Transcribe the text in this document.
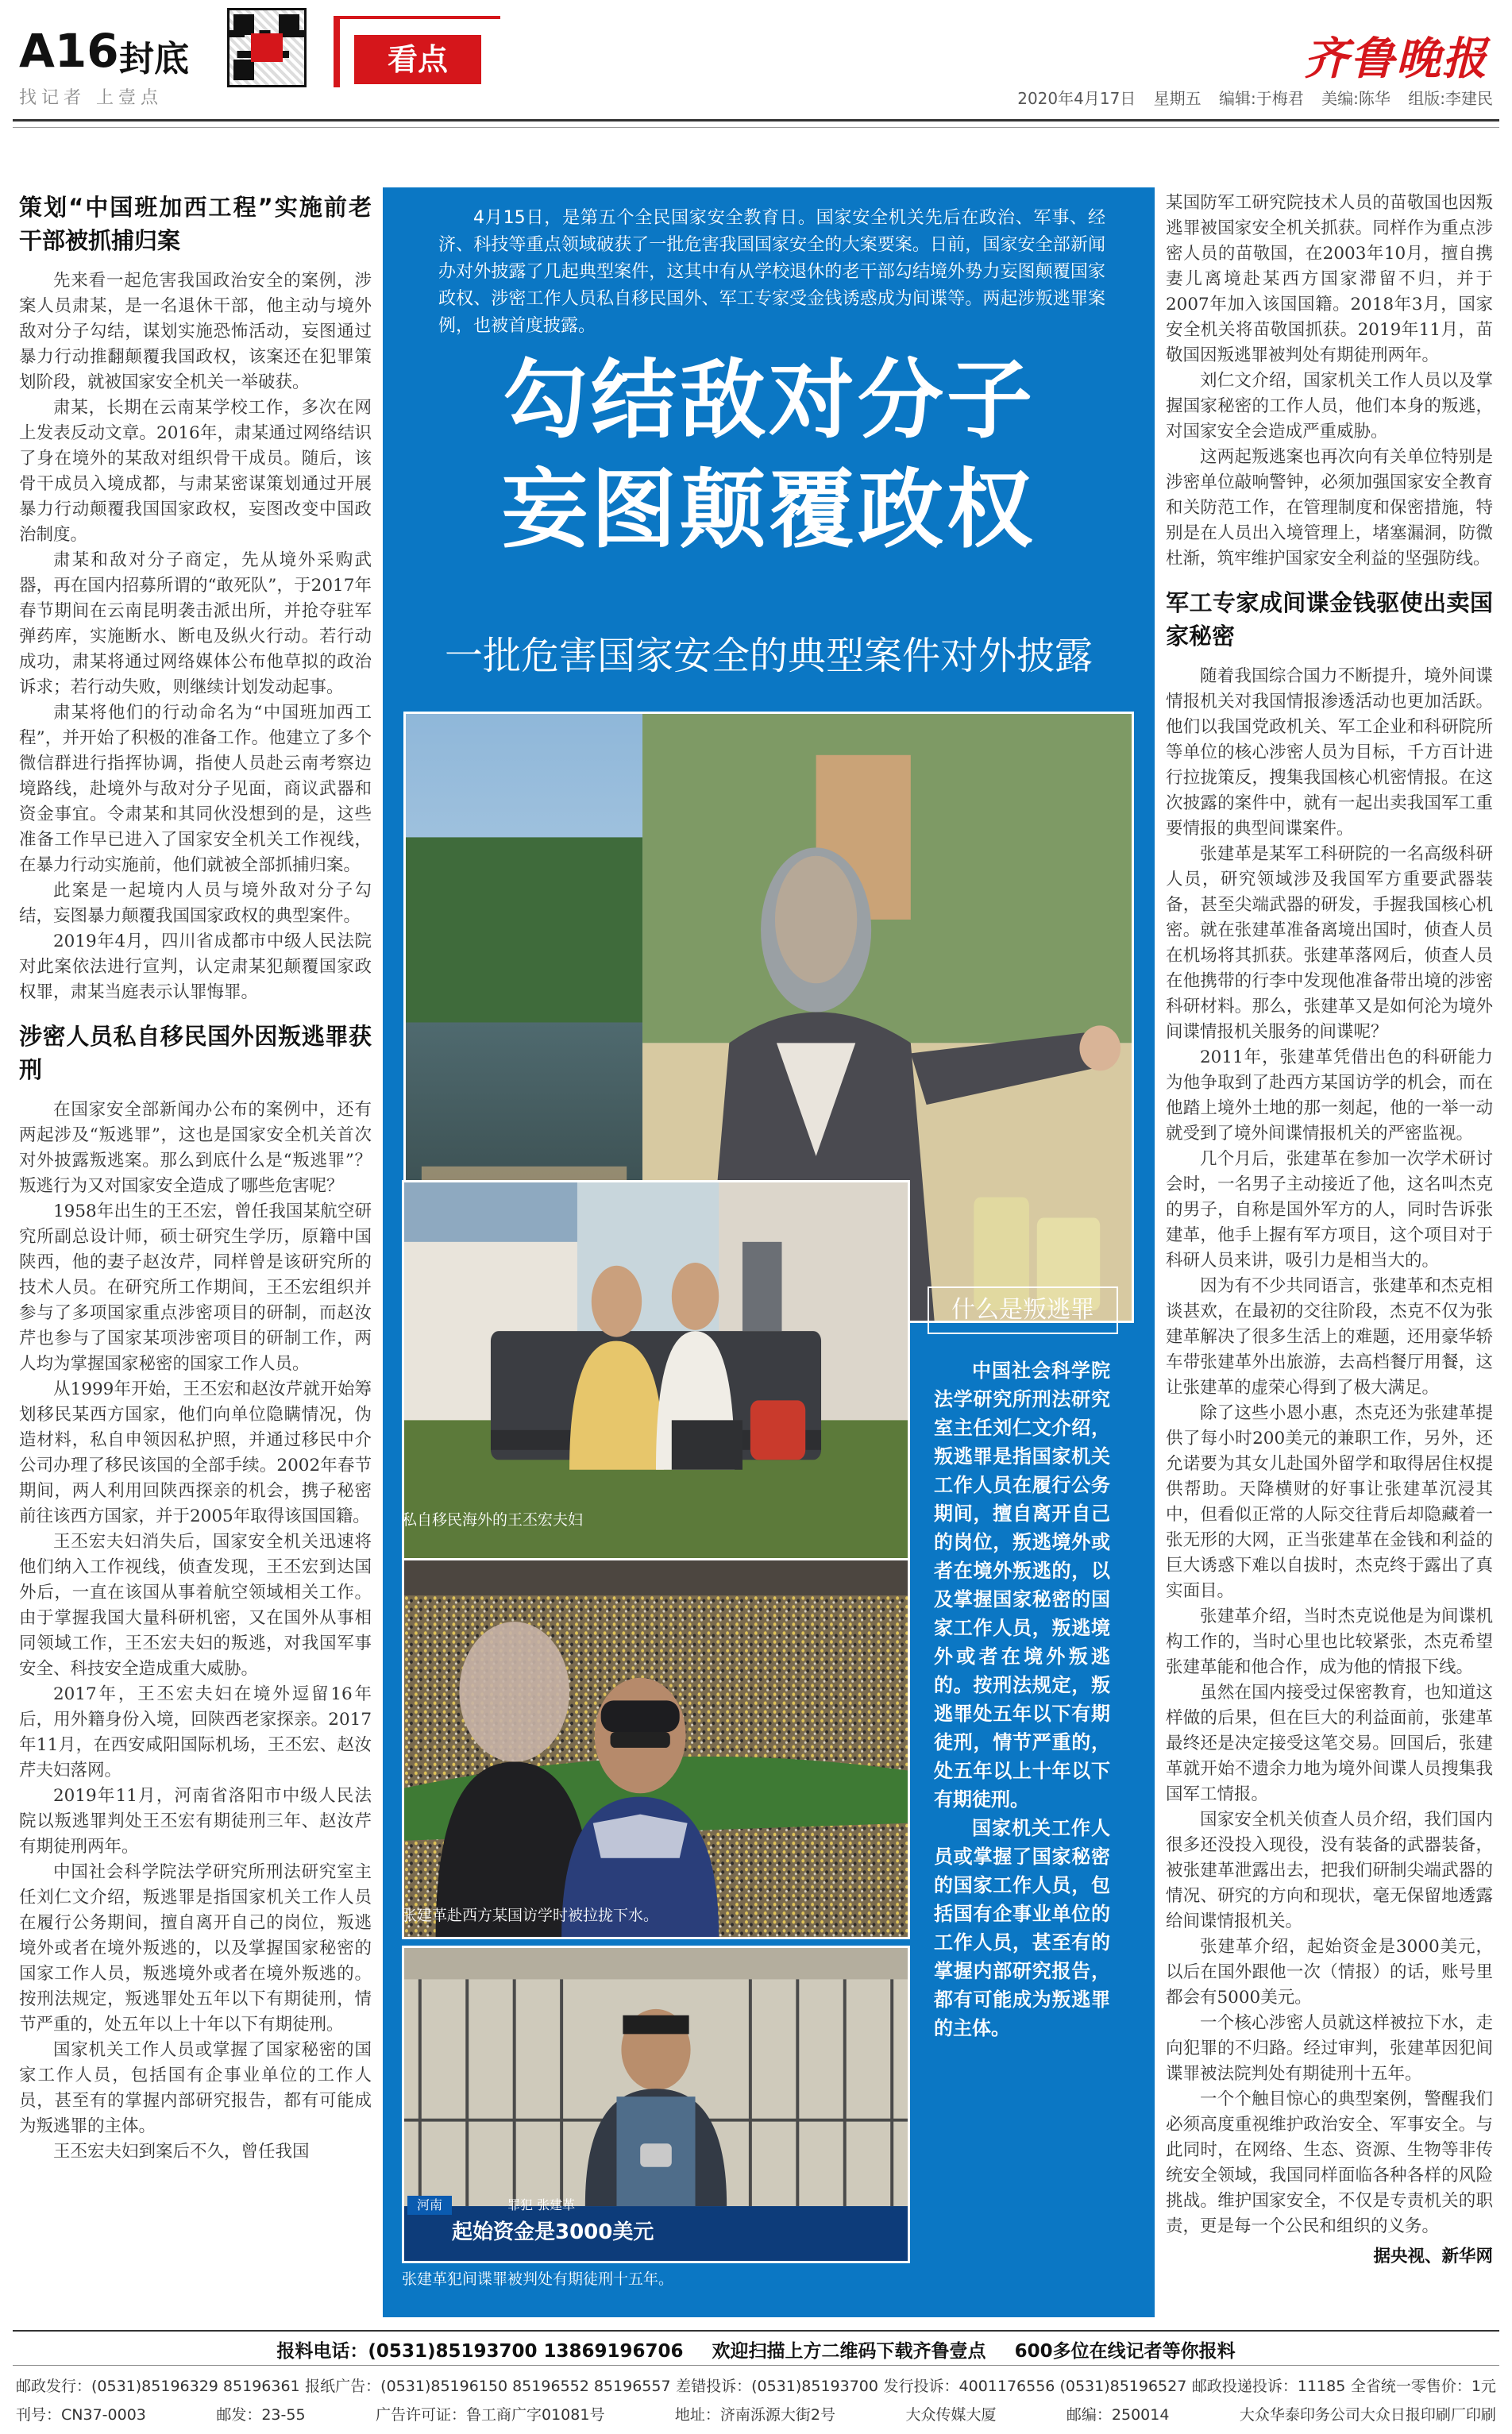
A16 封底
找记者 上壹点
看点	齐鲁晚报
2020年4月17日 星期五 编辑:于梅君 美编:陈华 组版:李建民
策划“中国班加西工程”实施前老干部被抓捕归案

先来看一起危害我国政治安全的案例，涉案人员肃某，是一名退休干部，他主动与境外敌对分子勾结，谋划实施恐怖活动，妄图通过暴力行动推翻颠覆我国政权，该案还在犯罪策划阶段，就被国家安全机关一举破获。

肃某，长期在云南某学校工作，多次在网上发表反动文章。2016年，肃某通过网络结识了身在境外的某敌对组织骨干成员。随后，该骨干成员入境成都，与肃某密谋策划通过开展暴力行动颠覆我国国家政权，妄图改变中国政治制度。

肃某和敌对分子商定，先从境外采购武器，再在国内招募所谓的“敢死队”，于2017年春节期间在云南昆明袭击派出所，并抢夺驻军弹药库，实施断水、断电及纵火行动。若行动成功，肃某将通过网络媒体公布他草拟的政治诉求；若行动失败，则继续计划发动起事。

肃某将他们的行动命名为“中国班加西工程”，并开始了积极的准备工作。他建立了多个微信群进行指挥协调，指使人员赴云南考察边境路线，赴境外与敌对分子见面，商议武器和资金事宜。令肃某和其同伙没想到的是，这些准备工作早已进入了国家安全机关工作视线，在暴力行动实施前，他们就被全部抓捕归案。

此案是一起境内人员与境外敌对分子勾结，妄图暴力颠覆我国国家政权的典型案件。

2019年4月，四川省成都市中级人民法院对此案依法进行宣判，认定肃某犯颠覆国家政权罪，肃某当庭表示认罪悔罪。

涉密人员私自移民国外因叛逃罪获刑

在国家安全部新闻办公布的案例中，还有两起涉及“叛逃罪”，这也是国家安全机关首次对外披露叛逃案。那么到底什么是“叛逃罪”？叛逃行为又对国家安全造成了哪些危害呢？

1958年出生的王丕宏，曾任我国某航空研究所副总设计师，硕士研究生学历，原籍中国陕西，他的妻子赵汝芹，同样曾是该研究所的技术人员。在研究所工作期间，王丕宏组织并参与了多项国家重点涉密项目的研制，而赵汝芹也参与了国家某项涉密项目的研制工作，两人均为掌握国家秘密的国家工作人员。

从1999年开始，王丕宏和赵汝芹就开始筹划移民某西方国家，他们向单位隐瞒情况，伪造材料，私自申领因私护照，并通过移民中介公司办理了移民该国的全部手续。2002年春节期间，两人利用回陕西探亲的机会，携子秘密前往该西方国家，并于2005年取得该国国籍。

王丕宏夫妇消失后，国家安全机关迅速将他们纳入工作视线，侦查发现，王丕宏到达国外后，一直在该国从事着航空领域相关工作。由于掌握我国大量科研机密，又在国外从事相同领域工作，王丕宏夫妇的叛逃，对我国军事安全、科技安全造成重大威胁。

2017年，王丕宏夫妇在境外逗留16年后，用外籍身份入境，回陕西老家探亲。2017年11月，在西安咸阳国际机场，王丕宏、赵汝芹夫妇落网。

2019年11月，河南省洛阳市中级人民法院以叛逃罪判处王丕宏有期徒刑三年、赵汝芹有期徒刑两年。

中国社会科学院法学研究所刑法研究室主任刘仁文介绍，叛逃罪是指国家机关工作人员在履行公务期间，擅自离开自己的岗位，叛逃境外或者在境外叛逃的，以及掌握国家秘密的国家工作人员，叛逃境外或者在境外叛逃的。按刑法规定，叛逃罪处五年以下有期徒刑，情节严重的，处五年以上十年以下有期徒刑。

国家机关工作人员或掌握了国家秘密的国家工作人员，包括国有企事业单位的工作人员，甚至有的掌握内部研究报告，都有可能成为叛逃罪的主体。

王丕宏夫妇到案后不久，曾任我国

4月15日，是第五个全民国家安全教育日。国家安全机关先后在政治、军事、经济、科技等重点领域破获了一批危害我国国家安全的大案要案。日前，国家安全部新闻办对外披露了几起典型案件，这其中有从学校退休的老干部勾结境外势力妄图颠覆国家政权、涉密工作人员私自移民国外、军工专家受金钱诱惑成为间谍等。两起涉叛逃罪案例，也被首度披露。
勾结敌对分子
妄图颠覆政权
一批危害国家安全的典型案件对外披露
私自移民海外的王丕宏夫妇
张建革赴西方某国访学时被拉拢下水。
河南	罪犯 张建革
起始资金是3000美元
张建革犯间谍罪被判处有期徒刑十五年。
什么是叛逃罪

中国社会科学院法学研究所刑法研究室主任刘仁文介绍，叛逃罪是指国家机关工作人员在履行公务期间，擅自离开自己的岗位，叛逃境外或者在境外叛逃的，以及掌握国家秘密的国家工作人员，叛逃境外或者在境外叛逃的。按刑法规定，叛逃罪处五年以下有期徒刑，情节严重的，处五年以上十年以下有期徒刑。

国家机关工作人员或掌握了国家秘密的国家工作人员，包括国有企事业单位的工作人员，甚至有的掌握内部研究报告，都有可能成为叛逃罪的主体。

某国防军工研究院技术人员的苗敬国也因叛逃罪被国家安全机关抓获。同样作为重点涉密人员的苗敬国，在2003年10月，擅自携妻儿离境赴某西方国家滞留不归，并于2007年加入该国国籍。2018年3月，国家安全机关将苗敬国抓获。2019年11月，苗敬国因叛逃罪被判处有期徒刑两年。

刘仁文介绍，国家机关工作人员以及掌握国家秘密的工作人员，他们本身的叛逃，对国家安全会造成严重威胁。

这两起叛逃案也再次向有关单位特别是涉密单位敲响警钟，必须加强国家安全教育和关防范工作，在管理制度和保密措施，特别是在人员出入境管理上，堵塞漏洞，防微杜渐，筑牢维护国家安全利益的坚强防线。

军工专家成间谍金钱驱使出卖国家秘密

随着我国综合国力不断提升，境外间谍情报机关对我国情报渗透活动也更加活跃。他们以我国党政机关、军工企业和科研院所等单位的核心涉密人员为目标，千方百计进行拉拢策反，搜集我国核心机密情报。在这次披露的案件中，就有一起出卖我国军工重要情报的典型间谍案件。

张建革是某军工科研院的一名高级科研人员，研究领域涉及我国军方重要武器装备，甚至尖端武器的研发，手握我国核心机密。就在张建革准备离境出国时，侦查人员在机场将其抓获。张建革落网后，侦查人员在他携带的行李中发现他准备带出境的涉密科研材料。那么，张建革又是如何沦为境外间谍情报机关服务的间谍呢？

2011年，张建革凭借出色的科研能力为他争取到了赴西方某国访学的机会，而在他踏上境外土地的那一刻起，他的一举一动就受到了境外间谍情报机关的严密监视。

几个月后，张建革在参加一次学术研讨会时，一名男子主动接近了他，这名叫杰克的男子，自称是国外军方的人，同时告诉张建革，他手上握有军方项目，这个项目对于科研人员来讲，吸引力是相当大的。

因为有不少共同语言，张建革和杰克相谈甚欢，在最初的交往阶段，杰克不仅为张建革解决了很多生活上的难题，还用豪华轿车带张建革外出旅游，去高档餐厅用餐，这让张建革的虚荣心得到了极大满足。

除了这些小恩小惠，杰克还为张建革提供了每小时200美元的兼职工作，另外，还允诺要为其女儿赴国外留学和取得居住权提供帮助。天降横财的好事让张建革沉浸其中，但看似正常的人际交往背后却隐藏着一张无形的大网，正当张建革在金钱和利益的巨大诱惑下难以自拔时，杰克终于露出了真实面目。

张建革介绍，当时杰克说他是为间谍机构工作的，当时心里也比较紧张，杰克希望张建革能和他合作，成为他的情报下线。

虽然在国内接受过保密教育，也知道这样做的后果，但在巨大的利益面前，张建革最终还是决定接受这笔交易。回国后，张建革就开始不遗余力地为境外间谍人员搜集我国军工情报。

国家安全机关侦查人员介绍，我们国内很多还没投入现役，没有装备的武器装备，被张建革泄露出去，把我们研制尖端武器的情况、研究的方向和现状，毫无保留地透露给间谍情报机关。

张建革介绍，起始资金是3000美元，以后在国外跟他一次（情报）的话，账号里都会有5000美元。

一个核心涉密人员就这样被拉下水，走向犯罪的不归路。经过审判，张建革因犯间谍罪被法院判处有期徒刑十五年。

一个个触目惊心的典型案例，警醒我们必须高度重视维护政治安全、军事安全。与此同时，在网络、生态、资源、生物等非传统安全领域，我国同样面临各种各样的风险挑战。维护国家安全，不仅是专责机关的职责，更是每一个公民和组织的义务。

据央视、新华网
报料电话：(0531)85193700 13869196706 欢迎扫描上方二维码下载齐鲁壹点 600多位在线记者等你报料
邮政发行：(0531)85196329 85196361 报纸广告：(0531)85196150 85196552 85196557 差错投诉：(0531)85193700 发行投诉：4001176556 (0531)85196527 邮政投递投诉：11185 全省统一零售价：1元
刊号：CN37-0003	邮发：23-55	广告许可证：鲁工商广字01081号	地址：济南泺源大街2号	大众传媒大厦	邮编：250014	大众华泰印务公司大众日报印刷厂印刷
